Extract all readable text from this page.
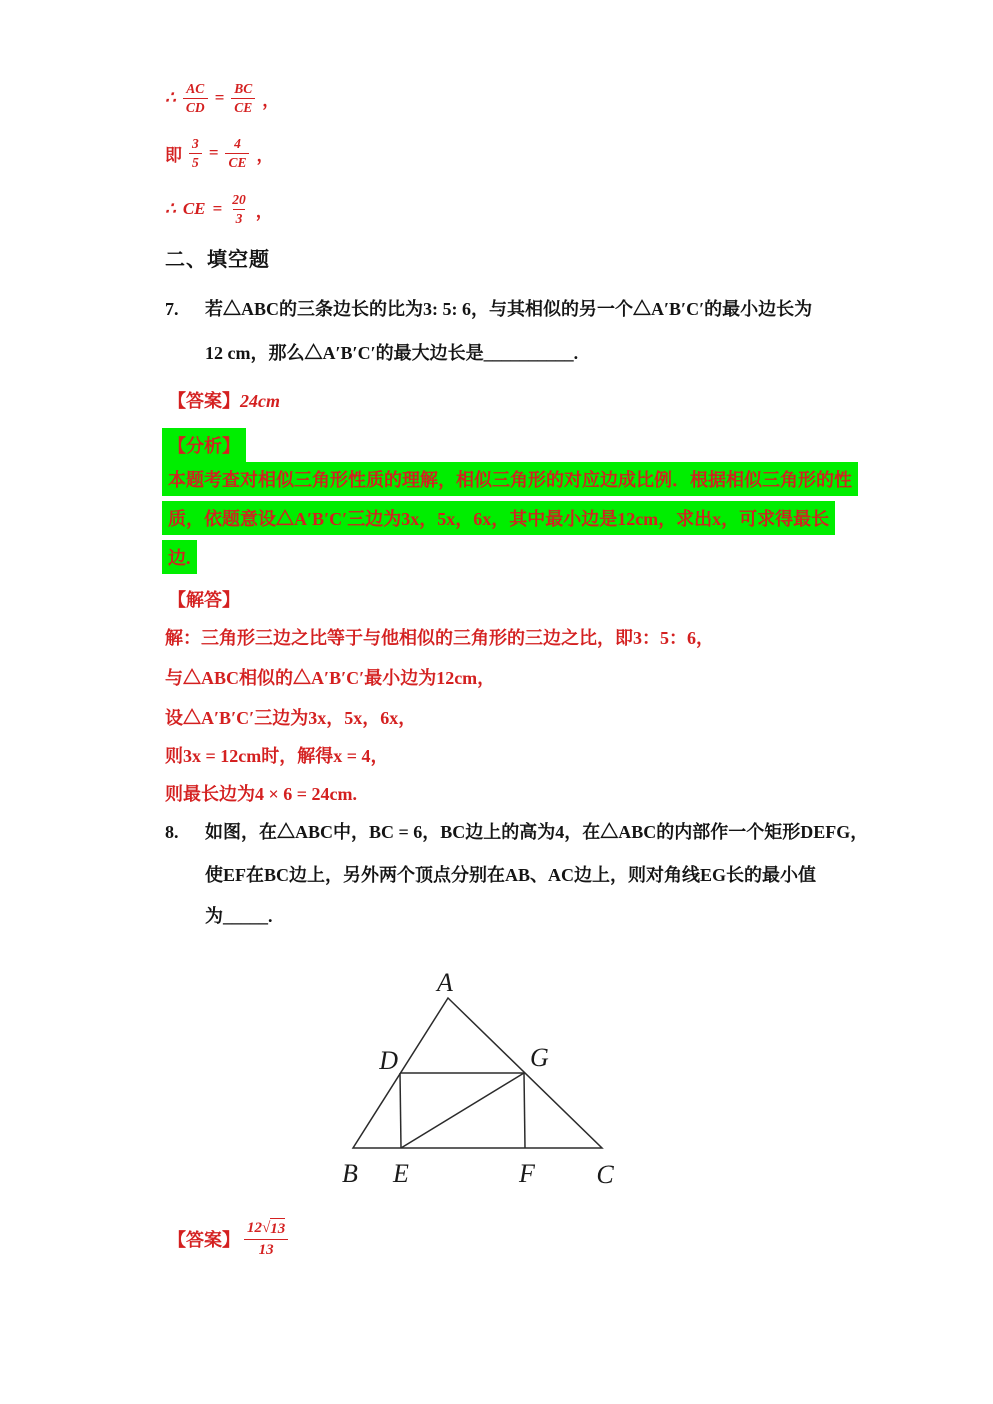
∴ $\frac{AC}{CD} = \frac{BC}{CE}$ ，
即 $\frac{3}{5} = \frac{4}{CE}$ ，
∴ CE = $\frac{20}{3}$ ，
二、填空题
7. 若△ABC的三条边长的比为3: 5: 6，与其相似的另一个△A′B′C′的最小边长为
12 cm，那么△A′B′C′的最大边长是__________.
【答案】24cm
【分析】
本题考查对相似三角形性质的理解，相似三角形的对应边成比例．根据相似三角形的性
质，依题意设△A′B′C′三边为3x，5x，6x，其中最小边是12cm，求出x，可求得最长
边.
【解答】
解：三角形三边之比等于与他相似的三角形的三边之比，即3：5：6，
与△ABC相似的△A′B′C′最小边为12cm，
设△A′B′C′三边为3x，5x，6x，
则3x = 12cm时，解得x = 4，
则最长边为4 × 6 = 24cm.
8. 如图，在△ABC中，BC = 6，BC边上的高为4，在△ABC的内部作一个矩形DEFG，
使EF在BC边上，另外两个顶点分别在AB、AC边上，则对角线EG长的最小值
为_____.
A
B	C
D
E	F
G
【答案】 $\frac{12 √ 13}{13}$
